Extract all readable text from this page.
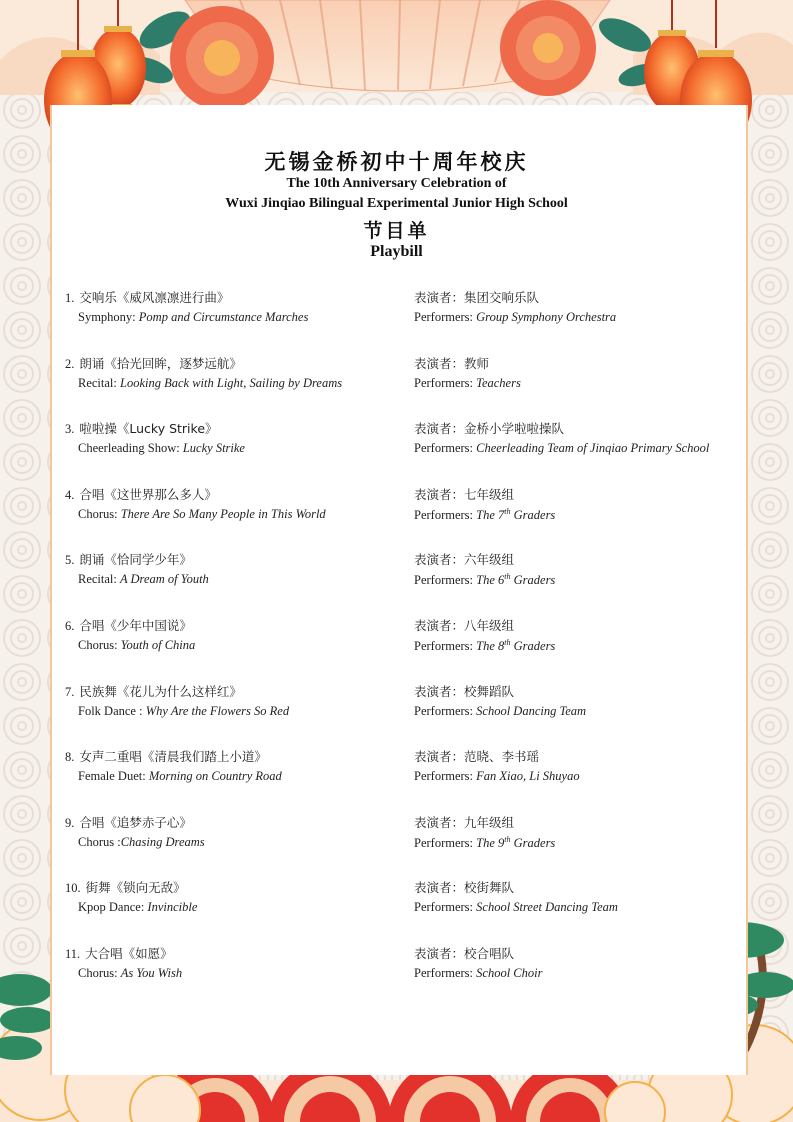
无锡金桥初中十周年校庆
The 10th Anniversary Celebration of
Wuxi Jinqiao Bilingual Experimental Junior High School
节目单
Playbill
1. 交响乐《威风凛凛进行曲》
Symphony: Pomp and Circumstance Marches
表演者：集团交响乐队
Performers: Group Symphony Orchestra
2. 朗诵《拾光回眸，逐梦远航》
Recital: Looking Back with Light, Sailing by Dreams
表演者：教师
Performers: Teachers
3. 啦啦操《Lucky Strike》
Cheerleading Show: Lucky Strike
表演者：金桥小学啦啦操队
Performers: Cheerleading Team of Jinqiao Primary School
4. 合唱《这世界那么多人》
Chorus: There Are So Many People in This World
表演者：七年级组
Performers: The 7th Graders
5. 朗诵《恰同学少年》
Recital: A Dream of Youth
表演者：六年级组
Performers: The 6th Graders
6. 合唱《少年中国说》
Chorus: Youth of China
表演者：八年级组
Performers: The 8th Graders
7. 民族舞《花儿为什么这样红》
Folk Dance : Why Are the Flowers So Red
表演者：校舞蹈队
Performers: School Dancing Team
8. 女声二重唱《清晨我们踏上小道》
Female Duet: Morning on Country Road
表演者：范晓、李书瑶
Performers: Fan Xiao, Li Shuyao
9. 合唱《追梦赤子心》
Chorus :Chasing Dreams
表演者：九年级组
Performers: The 9th Graders
10. 街舞《锁向无敌》
Kpop Dance: Invincible
表演者：校街舞队
Performers: School Street Dancing Team
11. 大合唱《如愿》
Chorus: As You Wish
表演者：校合唱队
Performers: School Choir
